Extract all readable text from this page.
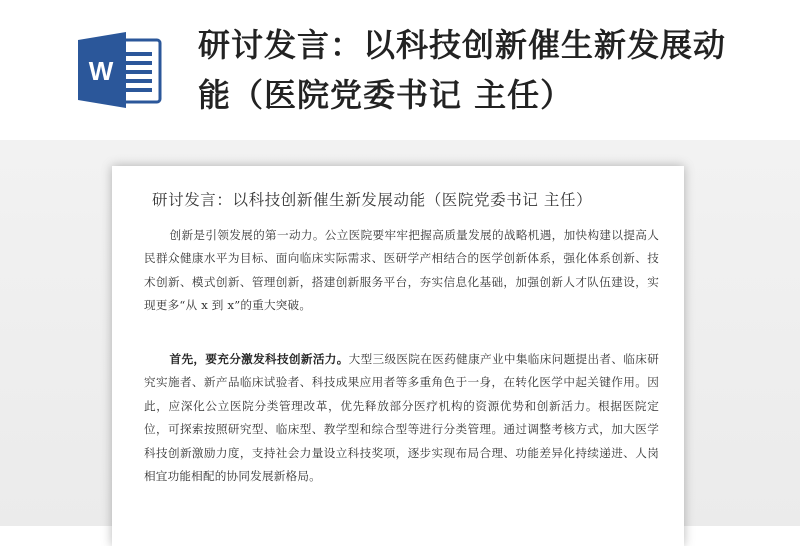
W
研讨发言：以科技创新催生新发展动能（医院党委书记 主任）
研讨发言：以科技创新催生新发展动能（医院党委书记 主任）

创新是引领发展的第一动力。公立医院要牢牢把握高质量发展的战略机遇，加快构建以提高人民群众健康水平为目标、面向临床实际需求、医研学产相结合的医学创新体系，强化体系创新、技术创新、模式创新、管理创新，搭建创新服务平台，夯实信息化基础，加强创新人才队伍建设，实现更多“从 x 到 x”的重大突破。

首先，要充分激发科技创新活力。大型三级医院在医药健康产业中集临床问题提出者、临床研究实施者、新产品临床试验者、科技成果应用者等多重角色于一身，在转化医学中起关键作用。因此，应深化公立医院分类管理改革，优先释放部分医疗机构的资源优势和创新活力。根据医院定位，可探索按照研究型、临床型、教学型和综合型等进行分类管理。通过调整考核方式，加大医学科技创新激励力度，支持社会力量设立科技奖项，逐步实现布局合理、功能差异化持续递进、人岗相宜功能相配的协同发展新格局。
